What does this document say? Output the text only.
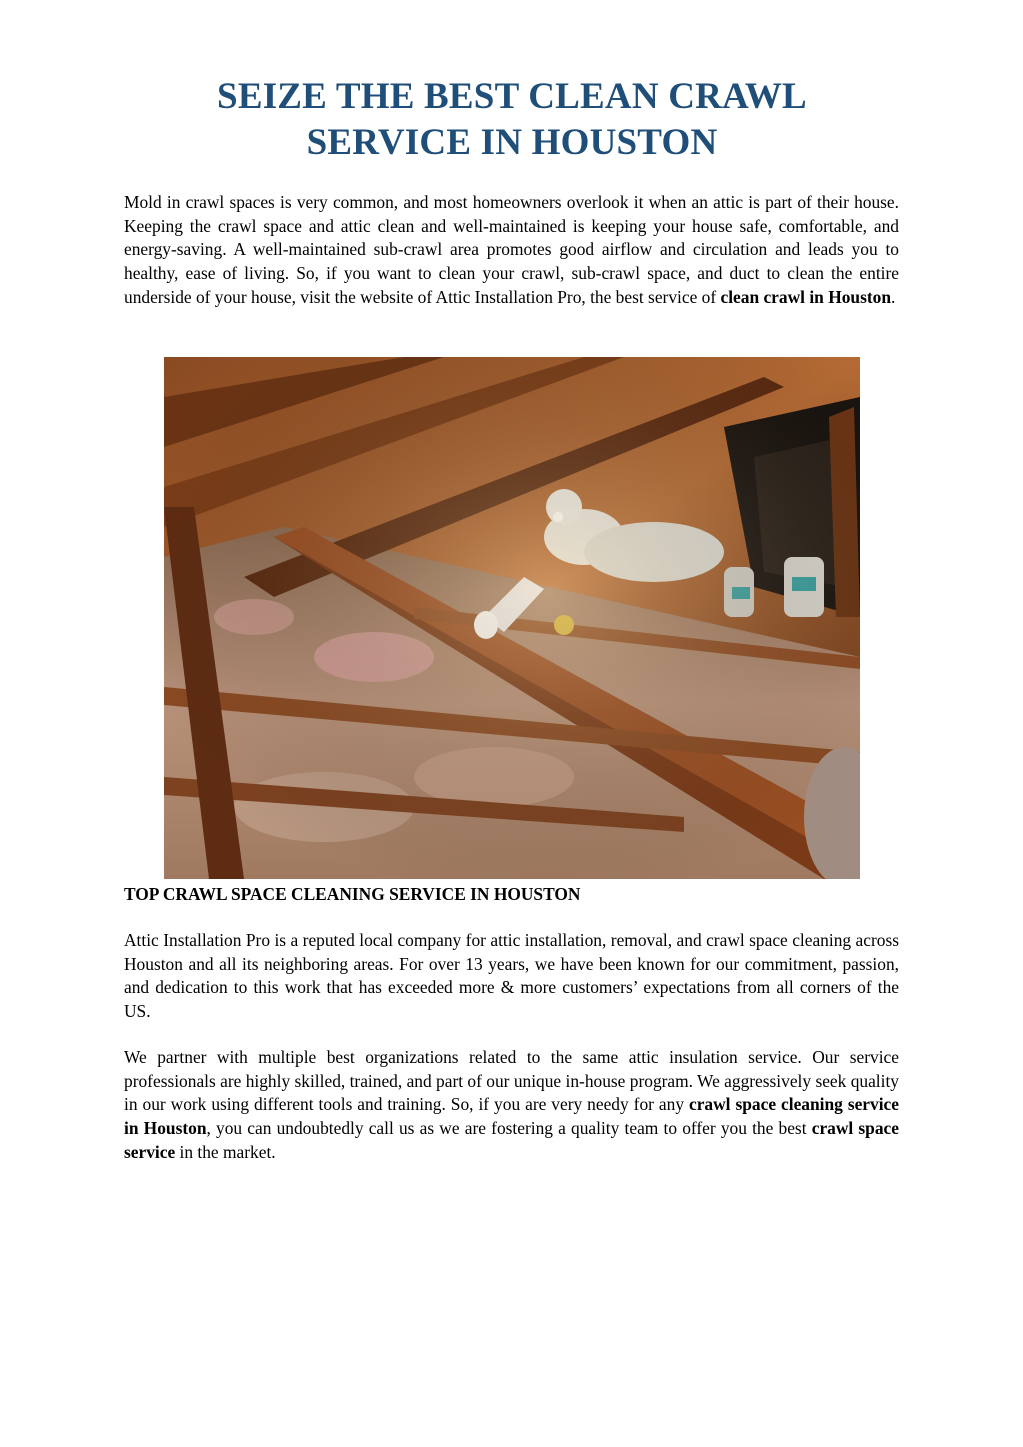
SEIZE THE BEST CLEAN CRAWL
SERVICE IN HOUSTON

Mold in crawl spaces is very common, and most homeowners overlook it when an attic is part of their house. Keeping the crawl space and attic clean and well-maintained is keeping your house safe, comfortable, and energy-saving. A well-maintained sub-crawl area promotes good airflow and circulation and leads you to healthy, ease of living. So, if you want to clean your crawl, sub-crawl space, and duct to clean the entire underside of your house, visit the website of Attic Installation Pro, the best service of clean crawl in Houston.

TOP CRAWL SPACE CLEANING SERVICE IN HOUSTON

Attic Installation Pro is a reputed local company for attic installation, removal, and crawl space cleaning across Houston and all its neighboring areas. For over 13 years, we have been known for our commitment, passion, and dedication to this work that has exceeded more & more customers’ expectations from all corners of the US.

We partner with multiple best organizations related to the same attic insulation service. Our service professionals are highly skilled, trained, and part of our unique in-house program. We aggressively seek quality in our work using different tools and training. So, if you are very needy for any crawl space cleaning service in Houston, you can undoubtedly call us as we are fostering a quality team to offer you the best crawl space service in the market.
